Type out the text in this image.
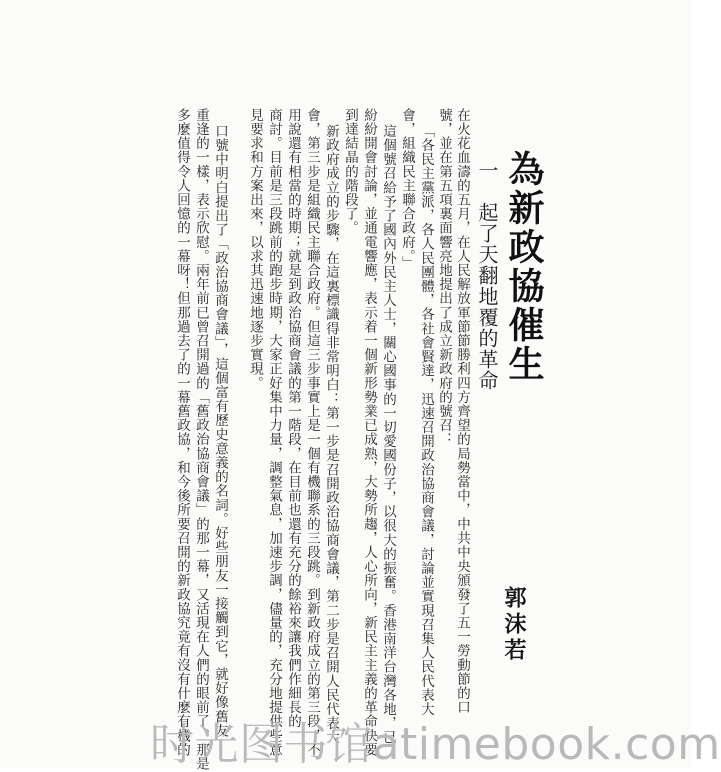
為新政協催生
一　起了天翻地覆的革命
郭沫若
在火花血濤的五月，在人民解放軍節節勝利四方齊望的局勢當中，中共中央頒發了五一勞動節的口
號，並在第五項裏面響亮地提出了成立新政府的號召：
「各民主黨派，各人民團體，各社會賢達，迅速召開政治協商會議，討論並實現召集人民代表大
會，組織民主聯合政府。」
這個號召給予了國內外民主人士，關心國事的一切愛國份子，以很大的振奮。香港南洋台灣各地，已
紛紛開會討論，並通電響應，表示着一個新形勢業已成熟，大勢所趨，人心所向，新民主主義的革命快要
到達結晶的階段了。
新政府成立的步驟，在這裏標識得非常明白：第一步是召開政治協商會議，第二步是召開人民代表大
會，第三步是組織民主聯合政府。但這三步事實上是一個有機聯系的三段跳。到新政府成立的第三段，不
用說還有相當的時期；就是到政治協商會議的第一階段，在目前也還有充分的餘裕來讓我們作細長的
商討。目前是三段跳前的跑步時期，大家正好集中力量，調整氣息，加速步調，儘量的，充分地提供些意
見要求和方案出來，以求其迅速地逐步實現。
口號中明白提出了「政治協商會議」，這個富有歷史意義的名詞。好些朋友一接觸到它，就好像舊友
重逢的一樣，表示欣慰。兩年前已曾召開過的「舊政治協商會議」的那一幕，又活現在人們的眼前了。那是
多麼值得令人回憶的一幕呀！但那過去了的一幕舊政協，和今後所要召開的新政協究竟有沒有什麼有機的
时光图书馆atimebook.com
